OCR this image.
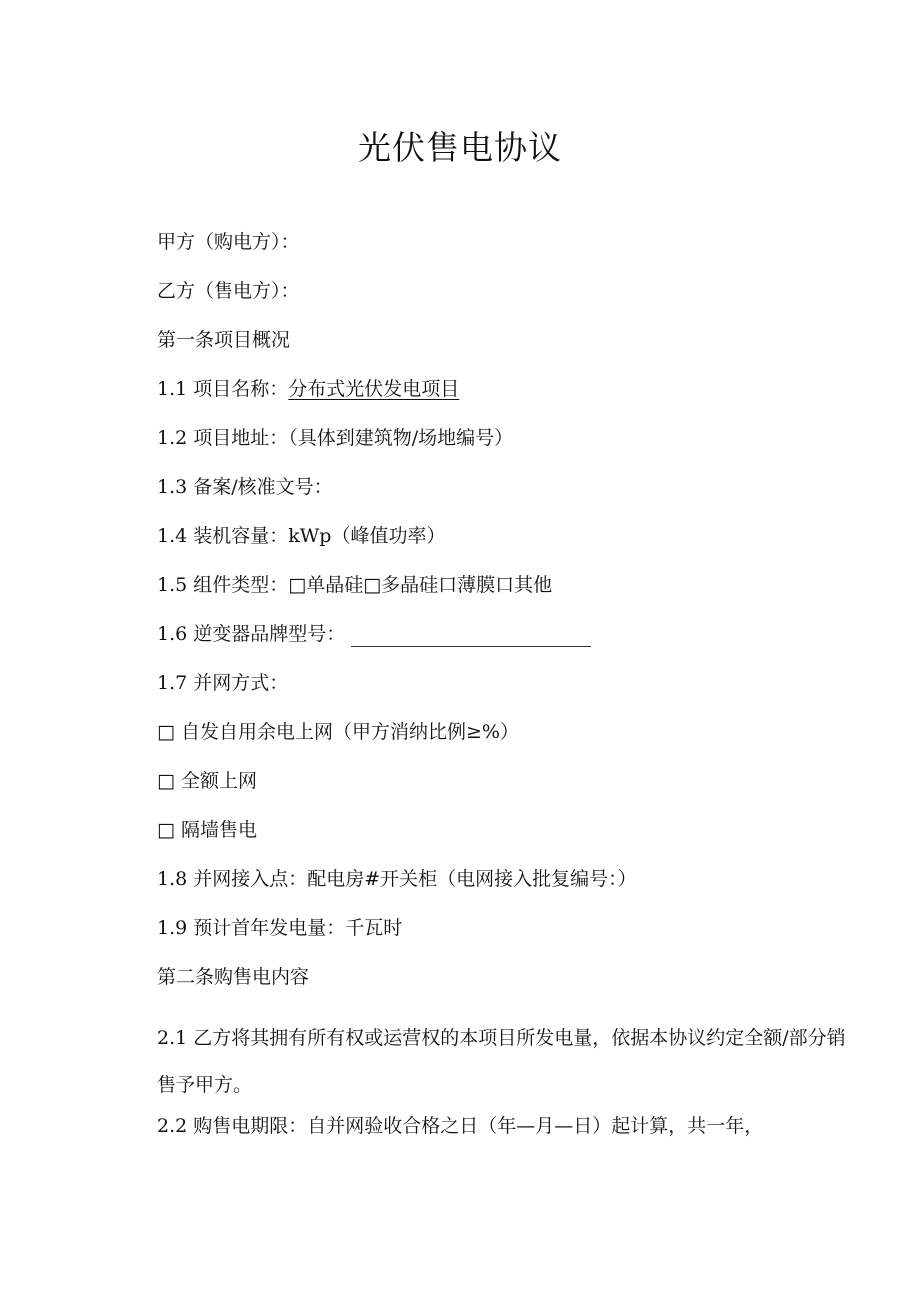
光伏售电协议
甲方（购电方）：
乙方（售电方）：
第一条项目概况
1.1 项目名称：分布式光伏发电项目
1.2 项目地址：（具体到建筑物/场地编号）
1.3 备案/核准文号：
1.4 装机容量：kWp（峰值功率）
1.5 组件类型：□单晶硅□多晶硅口薄膜口其他
1.6 逆变器品牌型号：
1.7 并网方式：
□ 自发自用余电上网（甲方消纳比例≥%）
□ 全额上网
□ 隔墙售电
1.8 并网接入点：配电房#开关柜（电网接入批复编号：）
1.9 预计首年发电量：千瓦时
第二条购售电内容
2.1 乙方将其拥有所有权或运营权的本项目所发电量，依据本协议约定全额/部分销售予甲方。
2.2 购售电期限：自并网验收合格之日（年—月—日）起计算，共一年，
